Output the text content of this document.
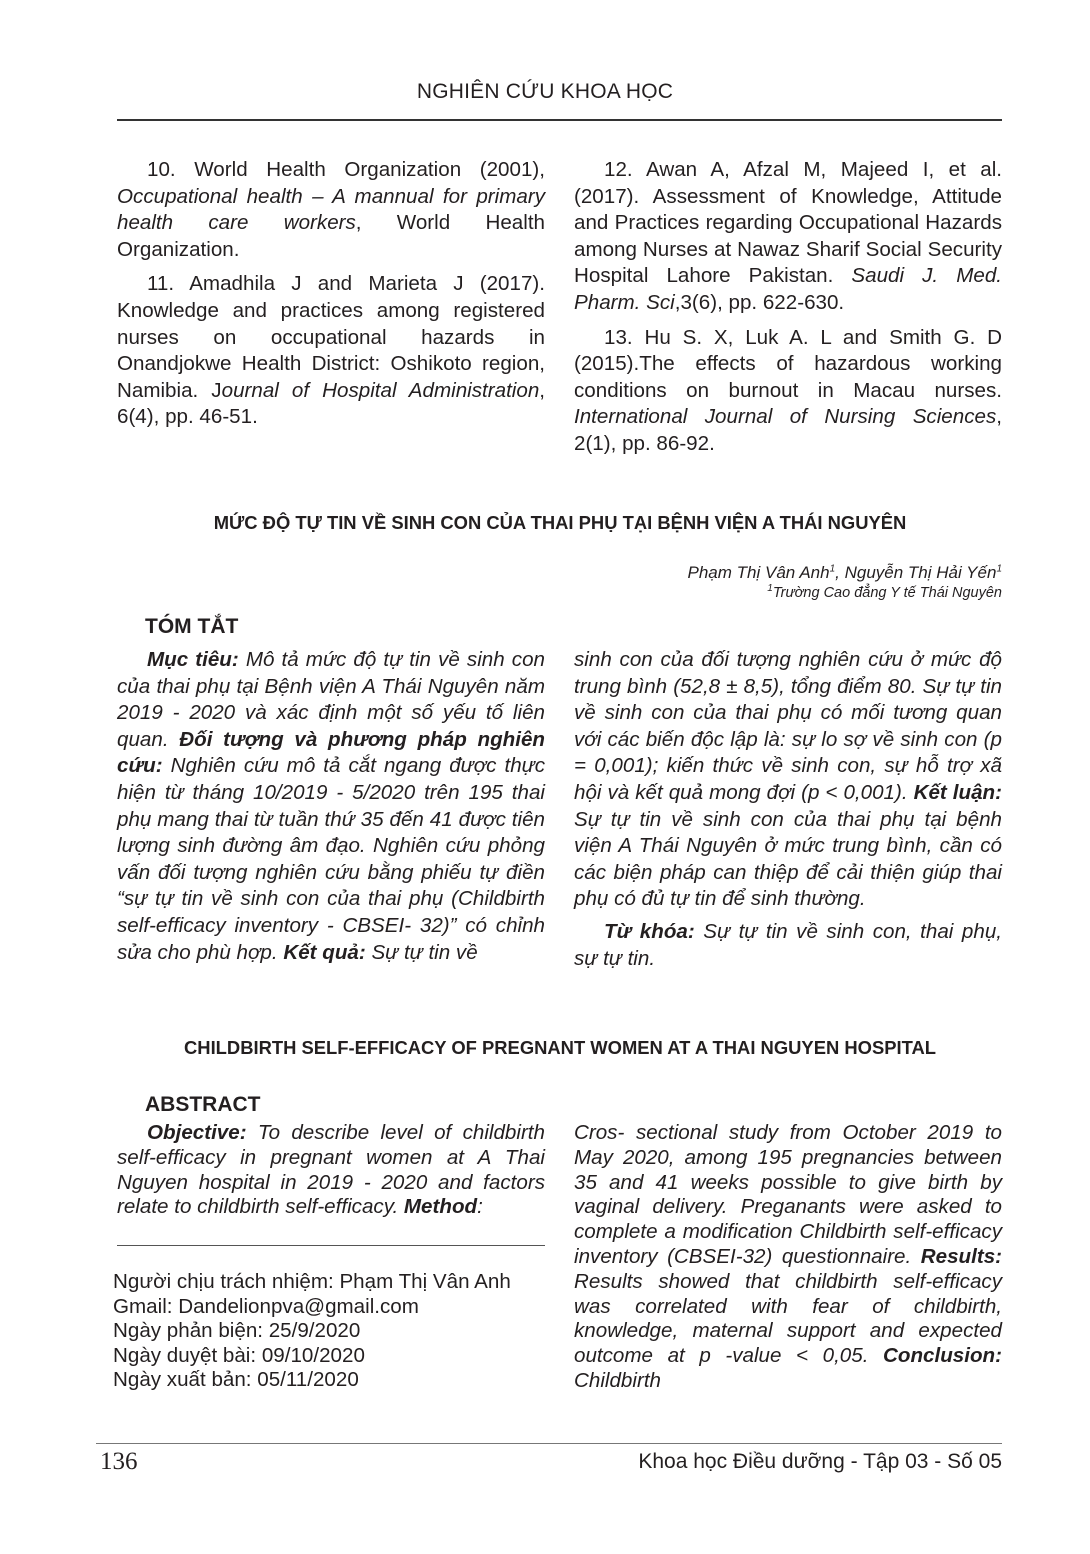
NGHIÊN CỨU KHOA HỌC

10. World Health Organization (2001), Occupational health – A mannual for primary health care workers, World Health Organization.

11. Amadhila J and Marieta J (2017). Knowledge and practices among registered nurses on occupational hazards in Onandjokwe Health District: Oshikoto region, Namibia. Journal of Hospital Administration, 6(4), pp. 46-51.

12. Awan A, Afzal M, Majeed I, et al. (2017). Assessment of Knowledge, Attitude and Practices regarding Occupational Hazards among Nurses at Nawaz Sharif Social Security Hospital Lahore Pakistan. Saudi J. Med. Pharm. Sci,3(6), pp. 622-630.

13. Hu S. X, Luk A. L and Smith G. D (2015).The effects of hazardous working conditions on burnout in Macau nurses. International Journal of Nursing Sciences, 2(1), pp. 86-92.

MỨC ĐỘ TỰ TIN VỀ SINH CON CỦA THAI PHỤ TẠI BỆNH VIỆN A THÁI NGUYÊN
Phạm Thị Vân Anh$^1$, Nguyễn Thị Hải Yến$^1$
$^1$Trường Cao đẳng Y tế Thái Nguyên
TÓM TẮT

Mục tiêu: Mô tả mức độ tự tin về sinh con của thai phụ tại Bệnh viện A Thái Nguyên năm 2019 - 2020 và xác định một số yếu tố liên quan. Đối tượng và phương pháp nghiên cứu: Nghiên cứu mô tả cắt ngang được thực hiện từ tháng 10/2019 - 5/2020 trên 195 thai phụ mang thai từ tuần thứ 35 đến 41 được tiên lượng sinh đường âm đạo. Nghiên cứu phỏng vấn đối tượng nghiên cứu bằng phiếu tự điền “sự tự tin về sinh con của thai phụ (Childbirth self-efficacy inventory - CBSEI- 32)” có chỉnh sửa cho phù hợp. Kết quả: Sự tự tin về

sinh con của đối tượng nghiên cứu ở mức độ trung bình (52,8 ± 8,5), tổng điểm 80. Sự tự tin về sinh con của thai phụ có mối tương quan với các biến độc lập là: sự lo sợ về sinh con (p = 0,001); kiến thức về sinh con, sự hỗ trợ xã hội và kết quả mong đợi (p < 0,001). Kết luận: Sự tự tin về sinh con của thai phụ tại bệnh viện A Thái Nguyên ở mức trung bình, cần có các biện pháp can thiệp để cải thiện giúp thai phụ có đủ tự tin để sinh thường.

Từ khóa: Sự tự tin về sinh con, thai phụ, sự tự tin.

CHILDBIRTH SELF-EFFICACY OF PREGNANT WOMEN AT A THAI NGUYEN HOSPITAL
ABSTRACT

Objective: To describe level of childbirth self-efficacy in pregnant women at A Thai Nguyen hospital in 2019 - 2020 and factors relate to childbirth self-efficacy. Method:

Người chịu trách nhiệm: Phạm Thị Vân Anh
Gmail: Dandelionpva@gmail.com
Ngày phản biện: 25/9/2020
Ngày duyệt bài: 09/10/2020
Ngày xuất bản: 05/11/2020

Cros- sectional study from October 2019 to May 2020, among 195 pregnancies between 35 and 41 weeks possible to give birth by vaginal delivery. Preganants were asked to complete a modification Childbirth self-efficacy inventory (CBSEI-32) questionnaire. Results: Results showed that childbirth self-efficacy was correlated with fear of childbirth, knowledge, maternal support and expected outcome at p -value < 0,05. Conclusion: Childbirth

136	Khoa học Điều dưỡng - Tập 03 - Số 05
